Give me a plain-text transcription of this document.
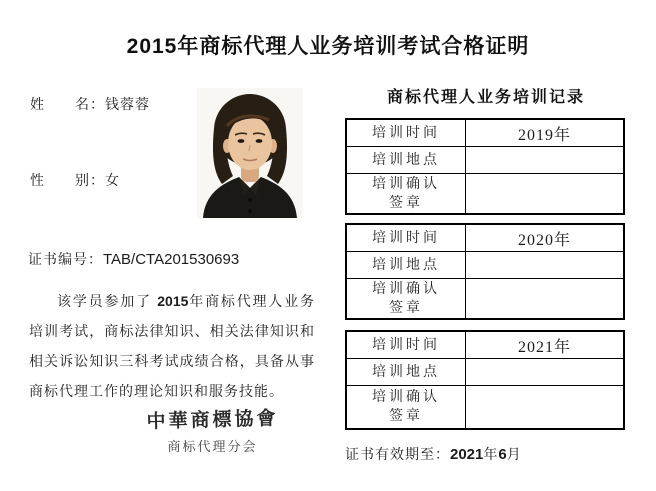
2015年商标代理人业务培训考试合格证明
姓 名：钱蓉蓉
性 别：女
证书编号：TAB/CTA201530693

该学员参加了 2015年商标代理人业务培训考试，商标法律知识、相关法律知识和相关诉讼知识三科考试成绩合格，具备从事商标代理工作的理论知识和服务技能。

中華商標協會
商标代理分会
商标代理人业务培训记录
培训时间	2019年
培训地点
培训确认
签章
培训时间	2020年
培训地点
培训确认
签章
培训时间	2021年
培训地点
培训确认
签章
证书有效期至：2021年6月
